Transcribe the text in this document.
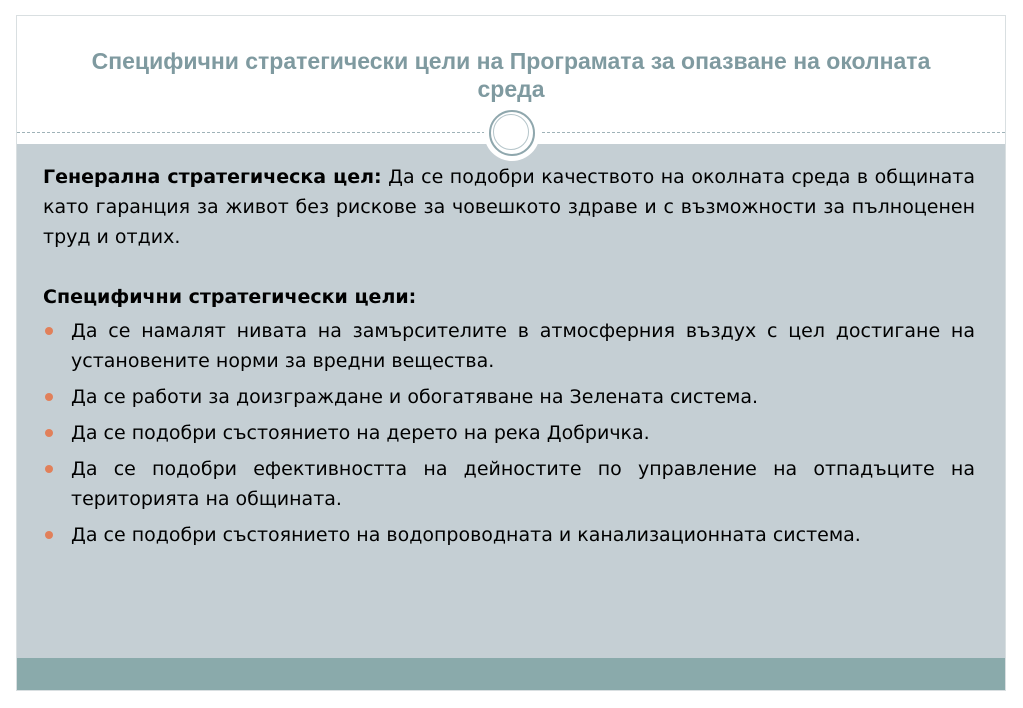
Специфични стратегически цели на Програмата за опазване на околната среда

Генерална стратегическа цел: Да се подобри качеството на околната среда в общината като гаранция за живот без рискове за човешкото здраве и с възможности за пълноценен труд и отдих.

Специфични стратегически цели:

Да се намалят нивата на замърсителите в атмосферния въздух с цел достигане на установените норми за вредни вещества.
Да се работи за доизграждане и обогатяване на Зелената система.
Да се подобри състоянието на дерето на река Добричка.
Да се подобри ефективността на дейностите по управление на отпадъците на територията на общината.
Да се подобри състоянието на водопроводната и канализационната система.
